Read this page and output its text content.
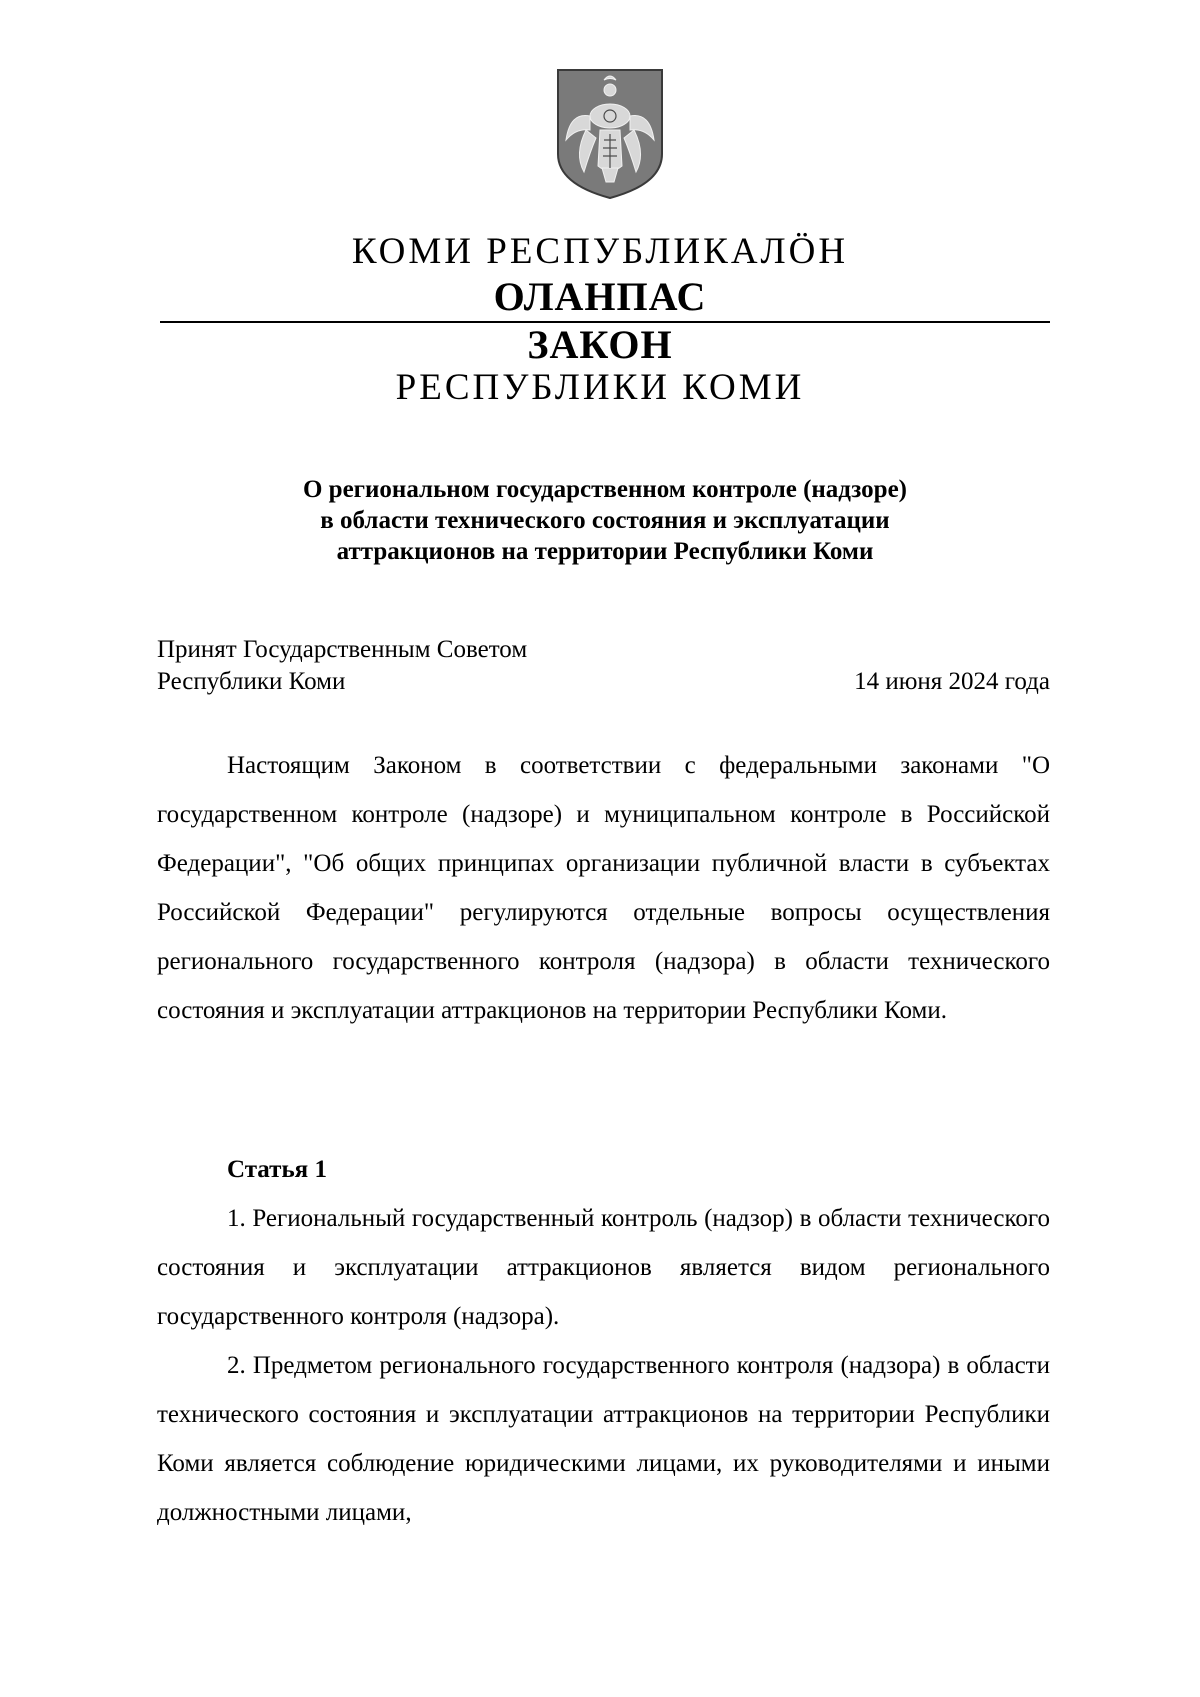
КОМИ РЕСПУБЛИКАЛÖН
ОЛАНПАС
ЗАКОН
РЕСПУБЛИКИ КОМИ
О региональном государственном контроле (надзоре)
в области технического состояния и эксплуатации
аттракционов на территории Республики Коми
Принят Государственным Советом
Республики Коми	14 июня 2024 года

Настоящим Законом в соответствии с федеральными законами "О государственном контроле (надзоре) и муниципальном контроле в Российской Федерации", "Об общих принципах организации публичной власти в субъектах Российской Федерации" регулируются отдельные вопросы осуществления регионального государственного контроля (надзора) в области технического состояния и эксплуатации аттракционов на территории Республики Коми.

Статья 1

1. Региональный государственный контроль (надзор) в области технического состояния и эксплуатации аттракционов является видом регионального государственного контроля (надзора).

2. Предметом регионального государственного контроля (надзора) в области технического состояния и эксплуатации аттракционов на территории Республики Коми является соблюдение юридическими лицами, их руководителями и иными должностными лицами,
